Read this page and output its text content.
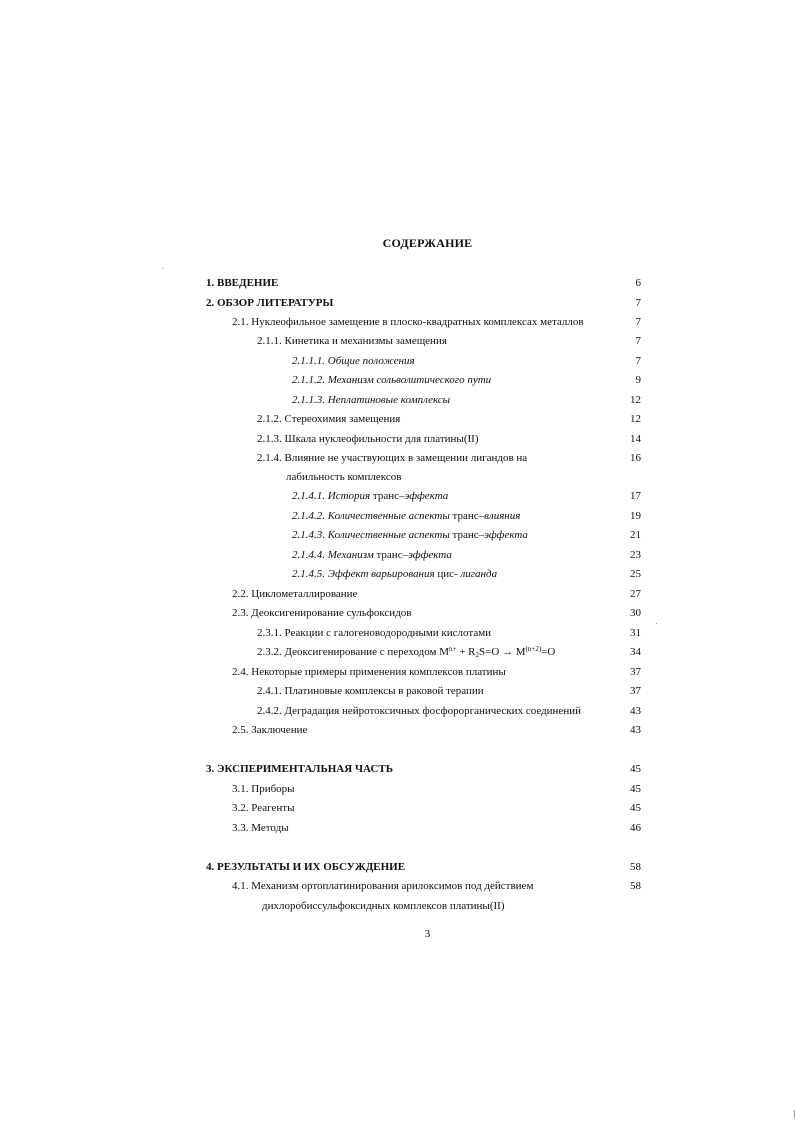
СОДЕРЖАНИЕ
1. ВВЕДЕНИЕ	6
2. ОБЗОР ЛИТЕРАТУРЫ	7
2.1. Нуклеофильное замещение в плоско-квадратных комплексах металлов	7
2.1.1. Кинетика и механизмы замещения	7
2.1.1.1. Общие положения	7
2.1.1.2. Механизм сольволитического пути	9
2.1.1.3. Неплатиновые комплексы	12
2.1.2. Стереохимия замещения	12
2.1.3. Шкала нуклеофильности для платины(II)	14
2.1.4. Влияние не участвующих в замещении лигандов на	16
лабильность комплексов
2.1.4.1. История транс–эффекта	17
2.1.4.2. Количественные аспекты транс–влияния	19
2.1.4.3. Количественные аспекты транс–эффекта	21
2.1.4.4. Механизм транс–эффекта	23
2.1.4.5. Эффект варьирования цис- лиганда	25
2.2. Циклометаллирование	27
2.3. Деоксигенирование сульфоксидов	30
2.3.1. Реакции с галогеноводородными кислотами	31
2.3.2. Деоксигенирование с переходом $M^{n+} + R_2S=O \to M^{(n+2)}=O$	34
2.4. Некоторые примеры применения комплексов платины	37
2.4.1. Платиновые комплексы в раковой терапии	37
2.4.2. Деградация нейротоксичных фосфорорганических соединений	43
2.5. Заключение	43
3. ЭКСПЕРИМЕНТАЛЬНАЯ ЧАСТЬ	45
3.1. Приборы	45
3.2. Реагенты	45
3.3. Методы	46
4. РЕЗУЛЬТАТЫ И ИХ ОБСУЖДЕНИЕ	58
4.1. Механизм ортоплатинирования арилоксимов под действием	58
дихлоробиссульфоксидных комплексов платины(II)
3
